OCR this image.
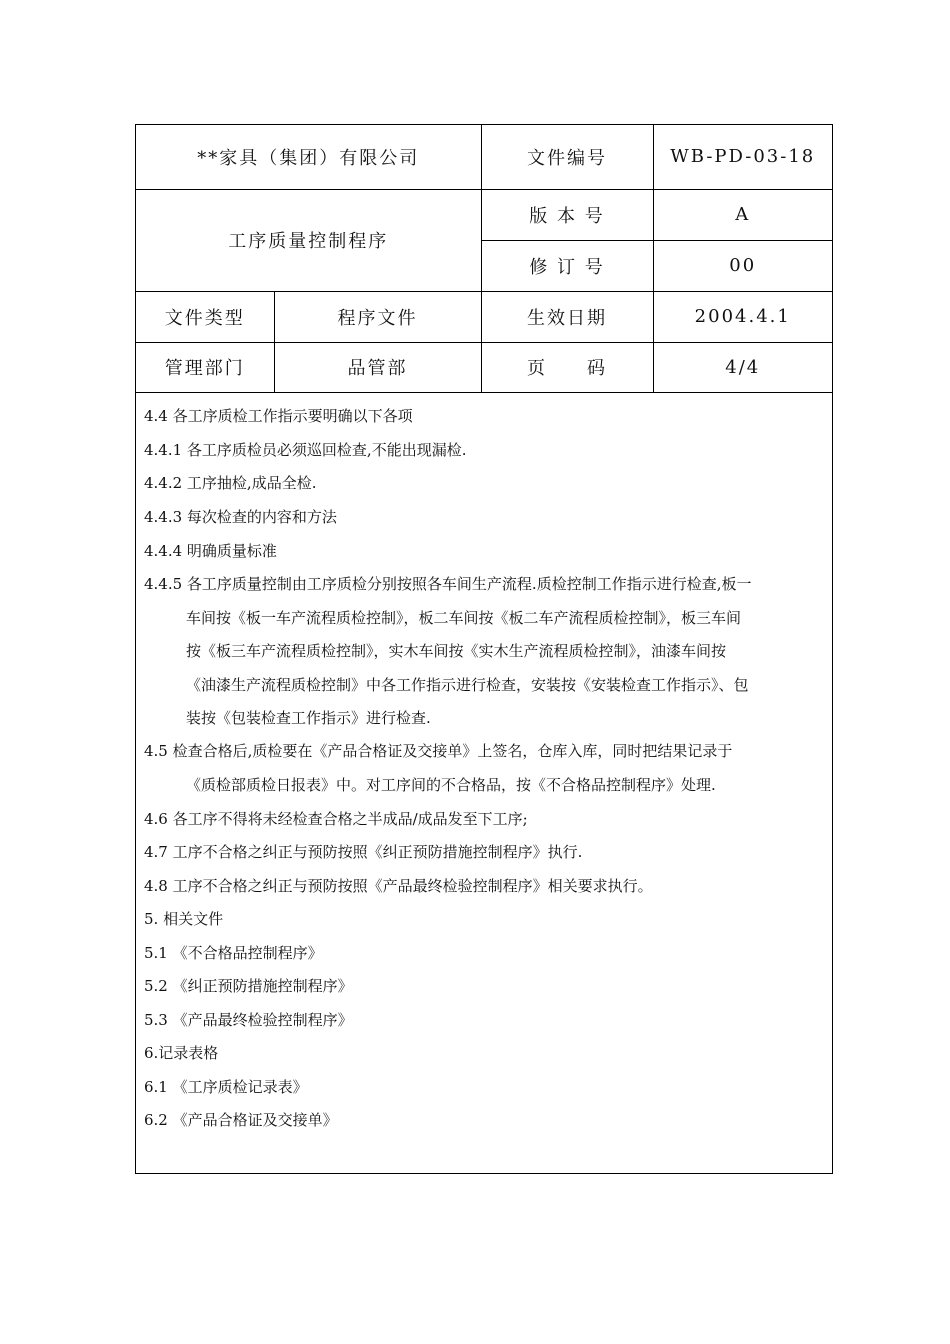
**家具（集团）有限公司		文件编号	WB-PD-03-18
工序质量控制程序		版 本 号	A
		修 订 号	00
文件类型	程序文件	生效日期	2004.4.1
管理部门	品管部	页　　码	4/4
4.4 各工序质检工作指示要明确以下各项
4.4.1 各工序质检员必须巡回检查,不能出现漏检.
4.4.2 工序抽检,成品全检.
4.4.3 每次检查的内容和方法
4.4.4 明确质量标准
4.4.5 各工序质量控制由工序质检分别按照各车间生产流程.质检控制工作指示进行检查,板一
车间按《板一车产流程质检控制》，板二车间按《板二车产流程质检控制》，板三车间
按《板三车产流程质检控制》，实木车间按《实木生产流程质检控制》，油漆车间按
《油漆生产流程质检控制》中各工作指示进行检查，安装按《安装检查工作指示》、包
装按《包装检查工作指示》进行检查.
4.5 检查合格后,质检要在《产品合格证及交接单》上签名，仓库入库，同时把结果记录于
《质检部质检日报表》中。对工序间的不合格品，按《不合格品控制程序》处理.
4.6 各工序不得将未经检查合格之半成品/成品发至下工序;
4.7 工序不合格之纠正与预防按照《纠正预防措施控制程序》执行.
4.8 工序不合格之纠正与预防按照《产品最终检验控制程序》相关要求执行。
5. 相关文件
5.1 《不合格品控制程序》
5.2 《纠正预防措施控制程序》
5.3 《产品最终检验控制程序》
6.记录表格
6.1 《工序质检记录表》
6.2 《产品合格证及交接单》
